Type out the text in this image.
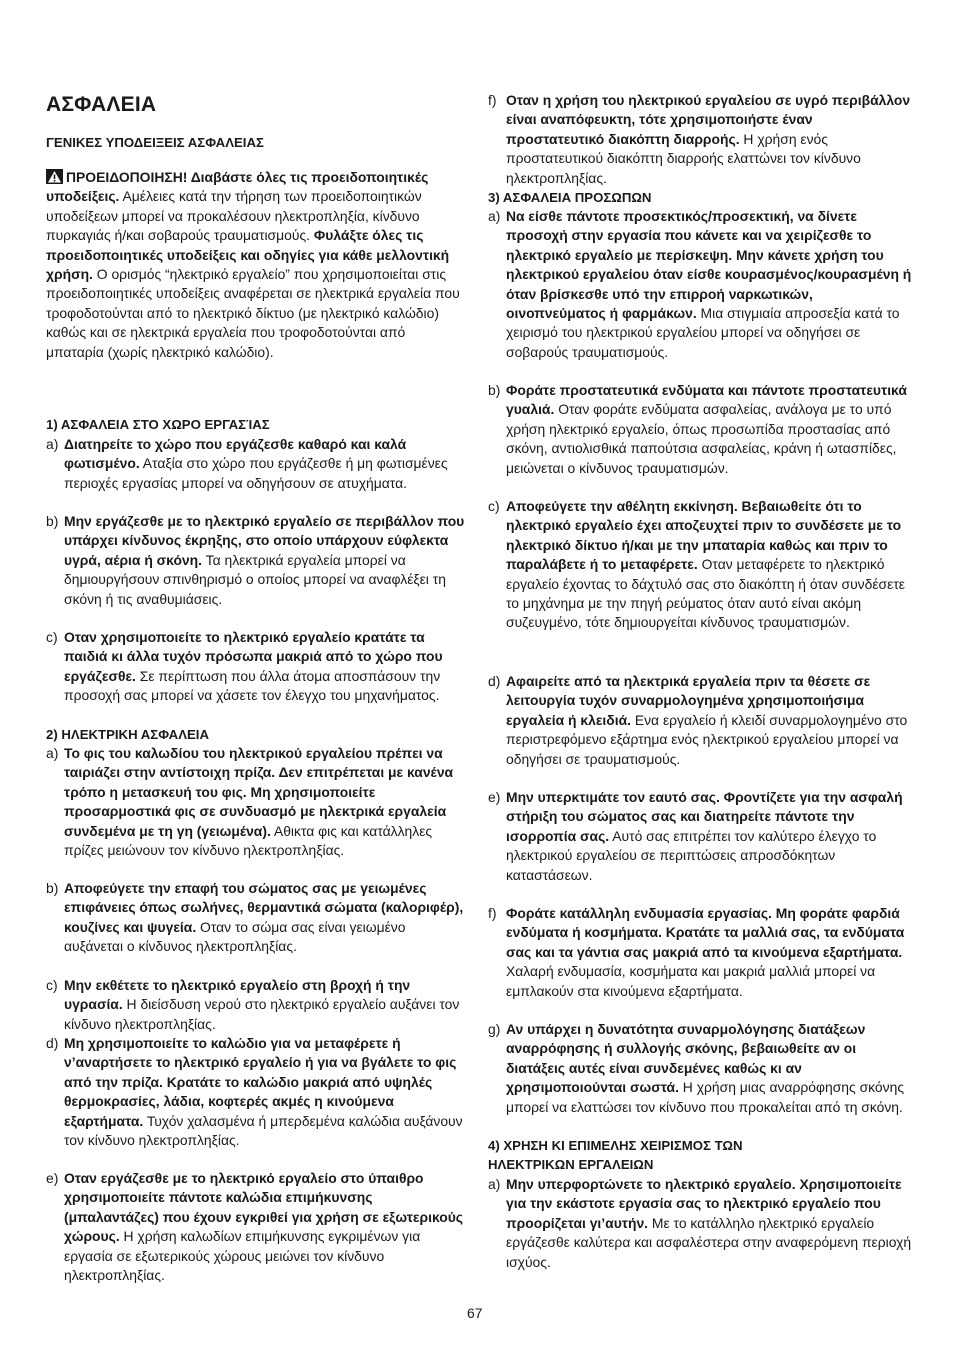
ΑΣΦΑΛΕΙΑ
ΓΕΝΙΚΕΣ ΥΠΟΔΕΙΞΕΙΣ ΑΣΦΑΛΕΙΑΣ

ΠΡΟΕΙΔΟΠΟΙΗΣΗ! Διαβάστε όλες τις προειδοποιητικές υποδείξεις. Αμέλειες κατά την τήρηση των προειδοποιητικών υποδείξεων μπορεί να προκαλέσουν ηλεκτροπληξία, κίνδυνο πυρκαγιάς ή/και σοβαρούς τραυματισμούς. Φυλάξτε όλες τις προειδοποιητικές υποδείξεις και οδηγίες για κάθε μελλοντική χρήση. Ο ορισμός “ηλεκτρικό εργαλείο” που χρησιμοποιείται στις προειδοποιητικές υποδείξεις αναφέρεται σε ηλεκτρικά εργαλεία που τροφοδοτούνται από το ηλεκτρικό δίκτυο (με ηλεκτρικό καλώδιο) καθώς και σε ηλεκτρικά εργαλεία που τροφοδοτούνται από μπαταρία (χωρίς ηλεκτρικό καλώδιο).

1) ΑΣΦΑΛΕΙΑ ΣΤΟ ΧΩΡΟ ΕΡΓΑΣΊΑΣ

a) Διατηρείτε το χώρο που εργάζεσθε καθαρό και καλά φωτισμένο. Αταξία στο χώρο που εργάζεσθε ή μη φωτισμένες περιοχές εργασίας μπορεί να οδηγήσουν σε ατυχήματα.

b) Μην εργάζεσθε με το ηλεκτρικό εργαλείο σε περιβάλλον που υπάρχει κίνδυνος έκρηξης, στο οποίο υπάρχουν εύφλεκτα υγρά, αέρια ή σκόνη. Τα ηλεκτρικά εργαλεία μπορεί να δημιουργήσουν σπινθηρισμό ο οποίος μπορεί να αναφλέξει τη σκόνη ή τις αναθυμιάσεις.

c) Οταν χρησιμοποιείτε το ηλεκτρικό εργαλείο κρατάτε τα παιδιά κι άλλα τυχόν πρόσωπα μακριά από το χώρο που εργάζεσθε. Σε περίπτωση που άλλα άτομα αποσπάσουν την προσοχή σας μπορεί να χάσετε τον έλεγχο του μηχανήματος.

2) ΗΛΕΚΤΡΙΚΗ ΑΣΦΑΛΕΙΑ

a) Το φις του καλωδίου του ηλεκτρικού εργαλείου πρέπει να ταιριάζει στην αντίστοιχη πρίζα. Δεν επιτρέπεται με κανένα τρόπο η μετασκευή του φις. Μη χρησιμοποιείτε προσαρμοστικά φις σε συνδυασμό με ηλεκτρικά εργαλεία συνδεμένα με τη γη (γειωμένα). Αθικτα φις και κατάλληλες πρίζες μειώνουν τον κίνδυνο ηλεκτροπληξίας.

b) Αποφεύγετε την επαφή του σώματος σας με γειωμένες επιφάνειες όπως σωλήνες, θερμαντικά σώματα (καλοριφέρ), κουζίνες και ψυγεία. Οταν το σώμα σας είναι γειωμένο αυξάνεται ο κίνδυνος ηλεκτροπληξίας.

c) Μην εκθέτετε το ηλεκτρικό εργαλείο στη βροχή ή την υγρασία. Η διείσδυση νερού στο ηλεκτρικό εργαλείο αυξάνει τον κίνδυνο ηλεκτροπληξίας.

d) Μη χρησιμοποιείτε το καλώδιο για να μεταφέρετε ή ν’αναρτήσετε το ηλεκτρικό εργαλείο ή για να βγάλετε το φις από την πρίζα. Κρατάτε το καλώδιο μακριά από υψηλές θερμοκρασίες, λάδια, κοφτερές ακμές η κινούμενα εξαρτήματα. Τυχόν χαλασμένα ή μπερδεμένα καλώδια αυξάνουν τον κίνδυνο ηλεκτροπληξίας.

e) Οταν εργάζεσθε με το ηλεκτρικό εργαλείο στο ύπαιθρο χρησιμοποιείτε πάντοτε καλώδια επιμήκυνσης (μπαλαντάζες) που έχουν εγκριθεί για χρήση σε εξωτερικούς χώρους. Η χρήση καλωδίων επιμήκυνσης εγκριμένων για εργασία σε εξωτερικούς χώρους μειώνει τον κίνδυνο ηλεκτροπληξίας.

f) Οταν η χρήση του ηλεκτρικού εργαλείου σε υγρό περιβάλλον είναι αναπόφευκτη, τότε χρησιμοποιήστε έναν προστατευτικό διακόπτη διαρροής. Η χρήση ενός προστατευτικού διακόπτη διαρροής ελαττώνει τον κίνδυνο ηλεκτροπληξίας.

3) ΑΣΦΑΛΕΙΑ ΠΡΟΣΩΠΩΝ

a) Να είσθε πάντοτε προσεκτικός/προσεκτική, να δίνετε προσοχή στην εργασία που κάνετε και να χειρίζεσθε το ηλεκτρικό εργαλείο με περίσκεψη. Μην κάνετε χρήση του ηλεκτρικού εργαλείου όταν είσθε κουρασμένος/κουρασμένη ή όταν βρίσκεσθε υπό την επιρροή ναρκωτικών, οινοπνεύματος ή φαρμάκων. Μια στιγμιαία απροσεξία κατά το χειρισμό του ηλεκτρικού εργαλείου μπορεί να οδηγήσει σε σοβαρούς τραυματισμούς.

b) Φοράτε προστατευτικά ενδύματα και πάντοτε προστατευτικά γυαλιά. Οταν φοράτε ενδύματα ασφαλείας, ανάλογα με το υπό χρήση ηλεκτρικό εργαλείο, όπως προσωπίδα προστασίας από σκόνη, αντιολισθικά παπούτσια ασφαλείας, κράνη ή ωτασπίδες, μειώνεται ο κίνδυνος τραυματισμών.

c) Αποφεύγετε την αθέλητη εκκίνηση. Βεβαιωθείτε ότι το ηλεκτρικό εργαλείο έχει αποζευχτεί πριν το συνδέσετε με το ηλεκτρικό δίκτυο ή/και με την μπαταρία καθώς και πριν το παραλάβετε ή το μεταφέρετε. Οταν μεταφέρετε το ηλεκτρικό εργαλείο έχοντας το δάχτυλό σας στο διακόπτη ή όταν συνδέσετε το μηχάνημα με την πηγή ρεύματος όταν αυτό είναι ακόμη συζευγμένο, τότε δημιουργείται κίνδυνος τραυματισμών.

d) Αφαιρείτε από τα ηλεκτρικά εργαλεία πριν τα θέσετε σε λειτουργία τυχόν συναρμολογημένα χρησιμοποιήσιμα εργαλεία ή κλειδιά. Ενα εργαλείο ή κλειδί συναρμολογημένο στο περιστρεφόμενο εξάρτημα ενός ηλεκτρικού εργαλείου μπορεί να οδηγήσει σε τραυματισμούς.

e) Μην υπερκτιμάτε τον εαυτό σας. Φροντίζετε για την ασφαλή στήριξη του σώματος σας και διατηρείτε πάντοτε την ισορροπία σας. Αυτό σας επιτρέπει τον καλύτερο έλεγχο το ηλεκτρικού εργαλείου σε περιπτώσεις απροσδόκητων καταστάσεων.

f) Φοράτε κατάλληλη ενδυμασία εργασίας. Μη φοράτε φαρδιά ενδύματα ή κοσμήματα. Κρατάτε τα μαλλιά σας, τα ενδύματα σας και τα γάντια σας μακριά από τα κινούμενα εξαρτήματα. Χαλαρή ενδυμασία, κοσμήματα και μακριά μαλλιά μπορεί να εμπλακούν στα κινούμενα εξαρτήματα.

g) Αν υπάρχει η δυνατότητα συναρμολόγησης διατάξεων αναρρόφησης ή συλλογής σκόνης, βεβαιωθείτε αν οι διατάξεις αυτές είναι συνδεμένες καθώς κι αν χρησιμοποιούνται σωστά. Η χρήση μιας αναρρόφησης σκόνης μπορεί να ελαττώσει τον κίνδυνο που προκαλείται από τη σκόνη.

4) ΧΡΗΣΗ ΚΙ ΕΠΙΜΕΛΗΣ ΧΕΙΡΙΣΜΟΣ ΤΩΝ ΗΛΕΚΤΡΙΚΩΝ ΕΡΓΑΛΕΙΩΝ

a) Μην υπερφορτώνετε το ηλεκτρικό εργαλείο. Χρησιμοποιείτε για την εκάστοτε εργασία σας το ηλεκτρικό εργαλείο που προορίζεται γι’αυτήν. Με το κατάλληλο ηλεκτρικό εργαλείο εργάζεσθε καλύτερα και ασφαλέστερα στην αναφερόμενη περιοχή ισχύος.

67
